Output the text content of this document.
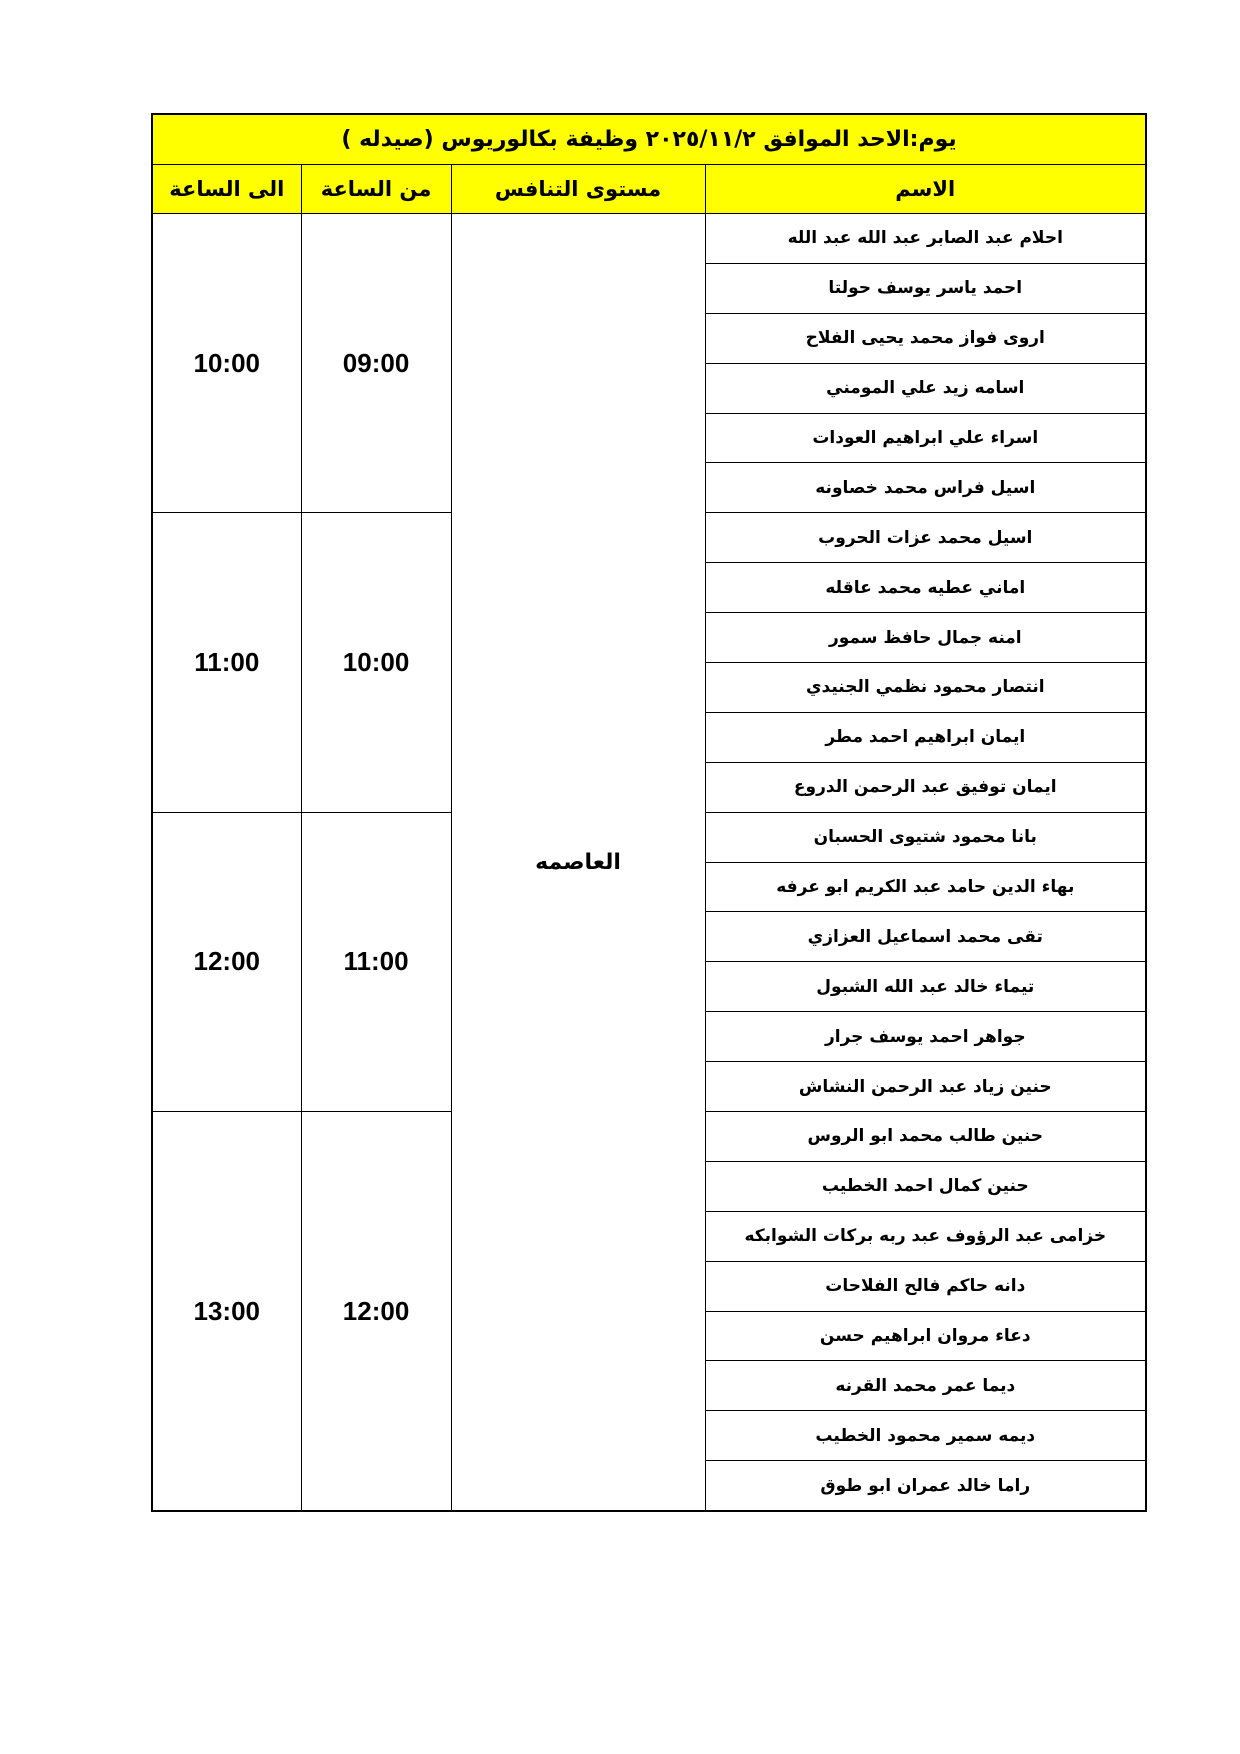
يوم:الاحد الموافق ٢٠٢٥/١١/٢ وظيفة بكالوريوس (صيدله )			
الاسم	مستوى التنافس	من الساعة	الى الساعة
احلام عبد الصابر عبد الله عبد الله	العاصمه	09:00	10:00
احمد ياسر يوسف حولتا			
اروى فواز محمد يحيى الفلاح			
اسامه زيد علي المومني			
اسراء علي ابراهيم العودات			
اسيل فراس محمد خصاونه			
اسيل محمد عزات الحروب		10:00	11:00
اماني عطيه محمد عاقله			
امنه جمال حافظ سمور			
انتصار محمود نظمي الجنيدي			
ايمان ابراهيم احمد مطر			
ايمان توفيق عبد الرحمن الدروع			
بانا محمود شتيوى الحسبان		11:00	12:00
بهاء الدين حامد عبد الكريم ابو عرفه			
تقى محمد اسماعيل العزازي			
تيماء خالد عبد الله الشبول			
جواهر احمد يوسف جرار			
حنين زياد عبد الرحمن النشاش			
حنين طالب محمد ابو الروس		12:00	13:00
حنين كمال احمد الخطيب			
خزامى عبد الرؤوف عبد ربه بركات الشوابكه			
دانه حاكم فالح الفلاحات			
دعاء مروان ابراهيم حسن			
ديما عمر محمد القرنه			
ديمه سمير محمود الخطيب			
راما خالد عمران ابو طوق			
